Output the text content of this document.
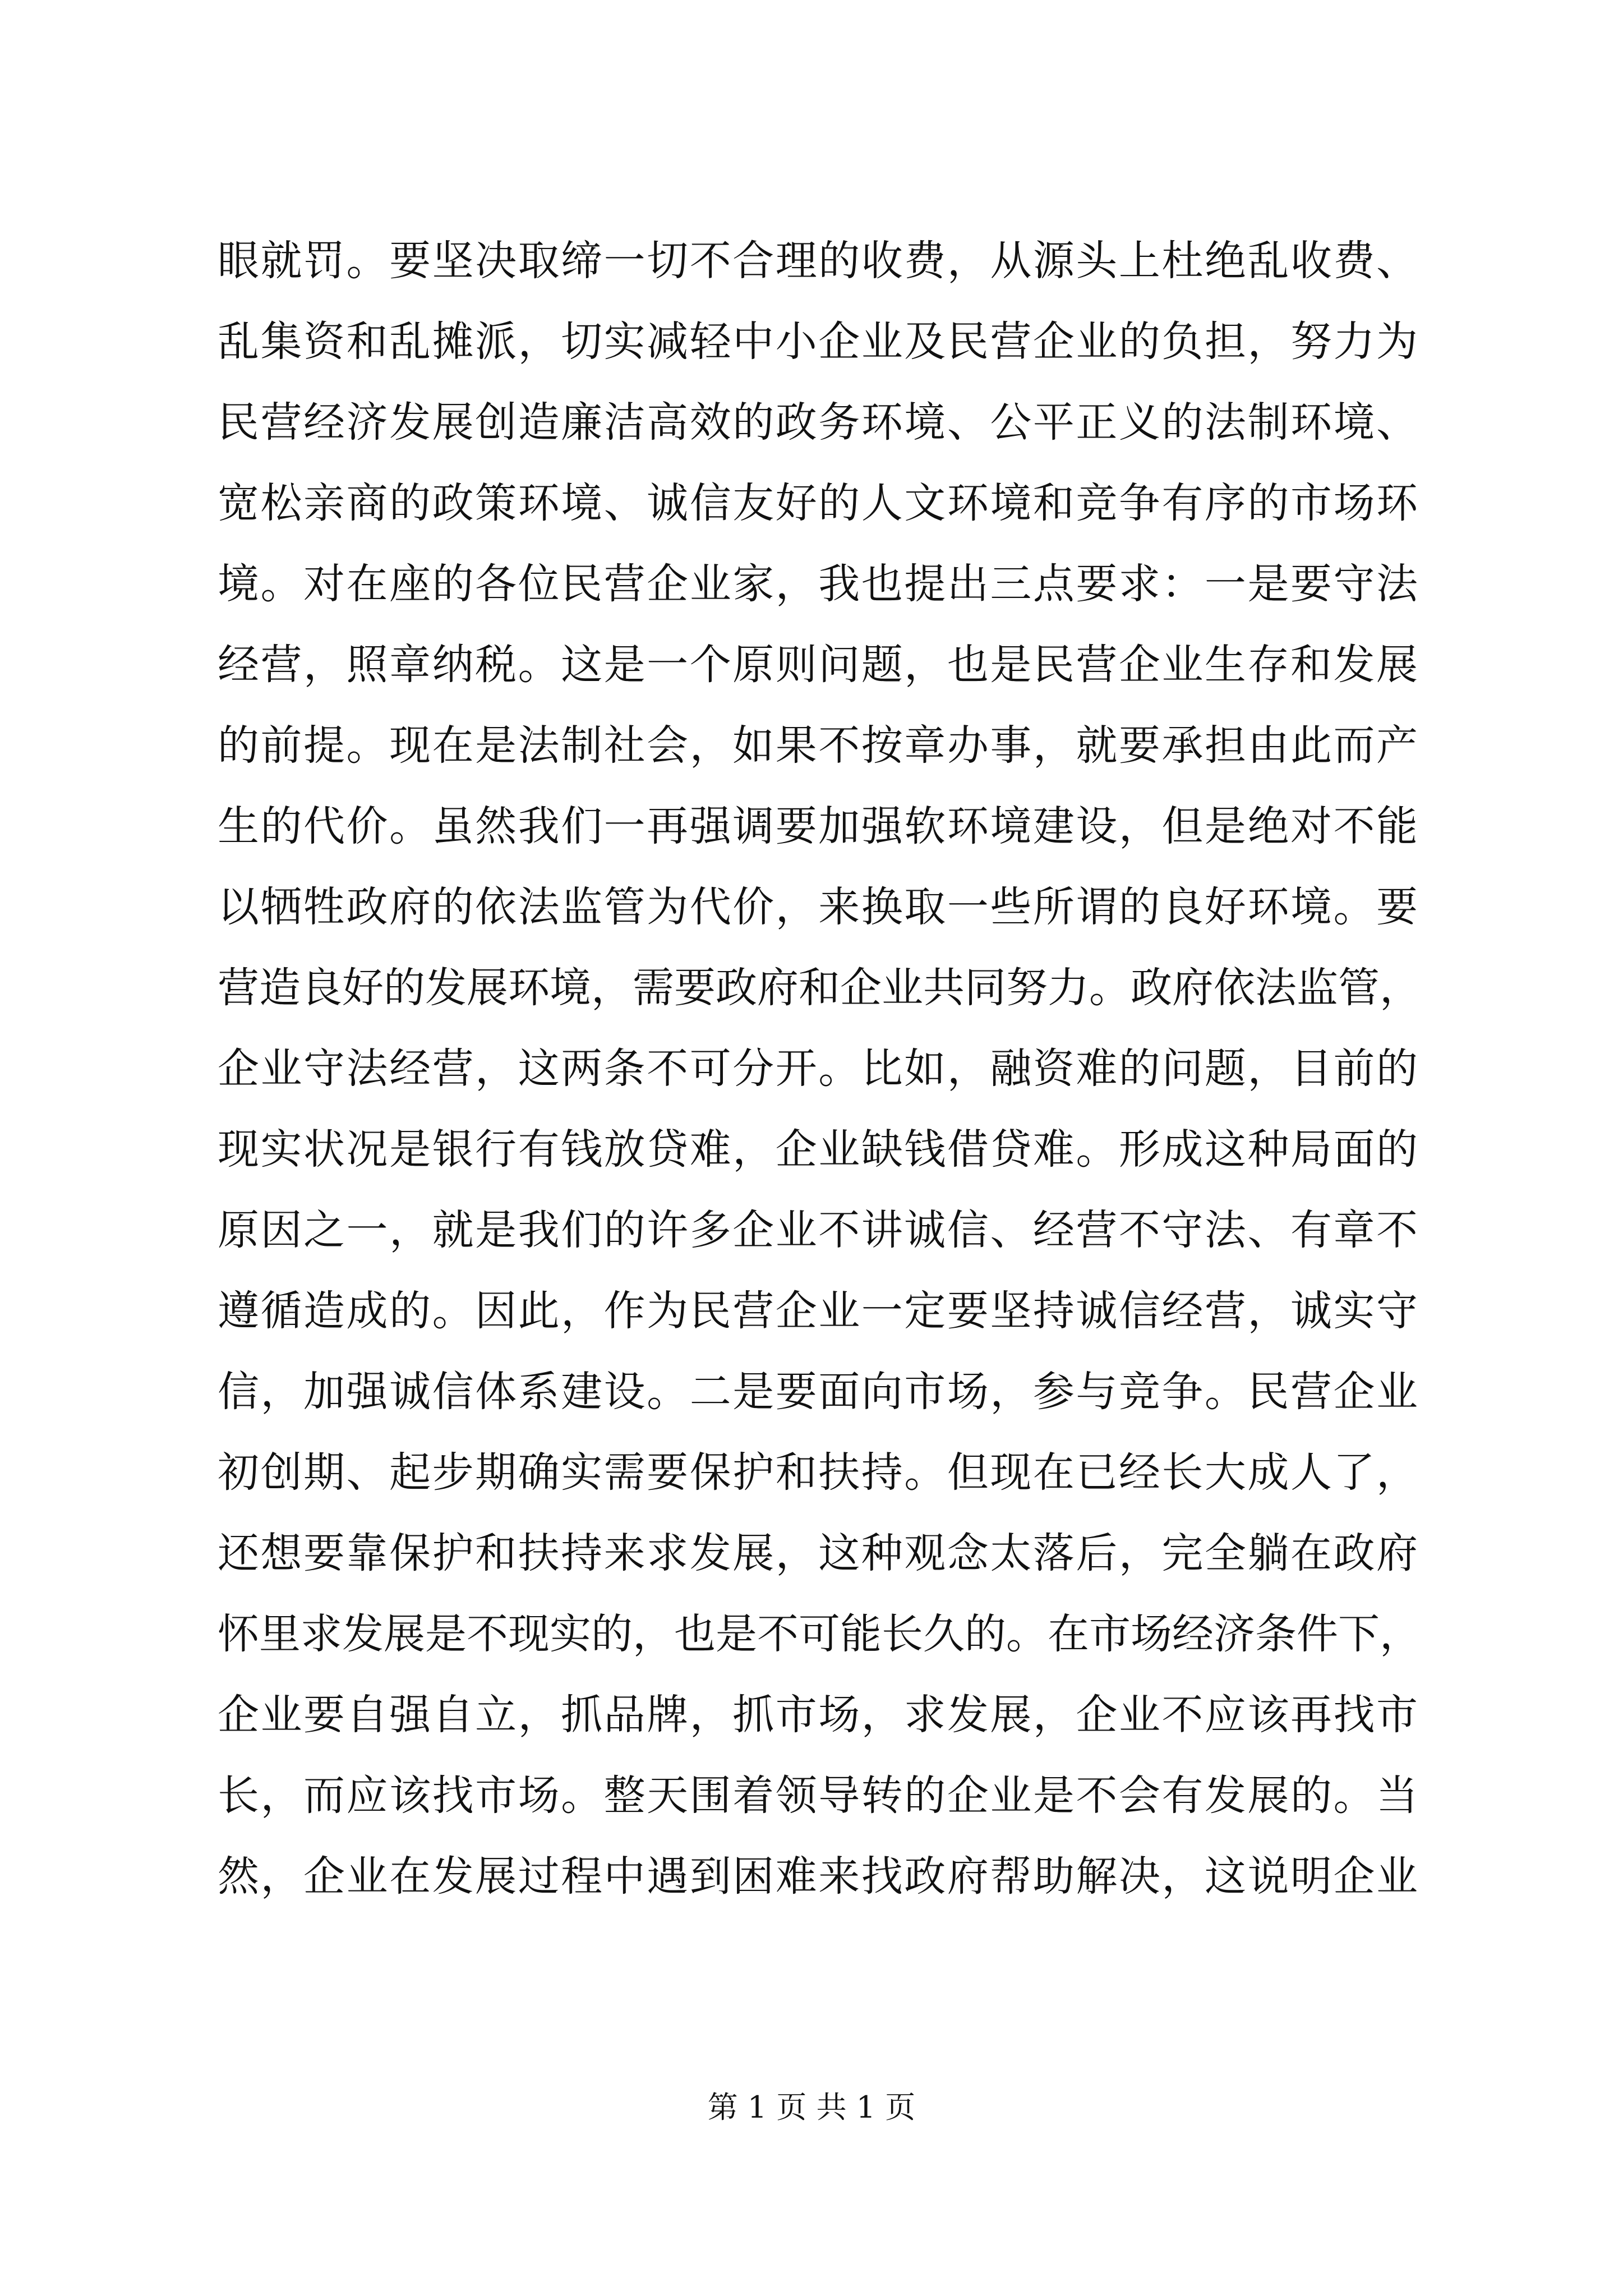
眼就罚。要坚决取缔一切不合理的收费，从源头上杜绝乱收费、
乱集资和乱摊派，切实减轻中小企业及民营企业的负担，努力为
民营经济发展创造廉洁高效的政务环境、公平正义的法制环境、
宽松亲商的政策环境、诚信友好的人文环境和竞争有序的市场环
境。对在座的各位民营企业家，我也提出三点要求：一是要守法
经营，照章纳税。这是一个原则问题，也是民营企业生存和发展
的前提。现在是法制社会，如果不按章办事，就要承担由此而产
生的代价。虽然我们一再强调要加强软环境建设，但是绝对不能
以牺牲政府的依法监管为代价，来换取一些所谓的良好环境。要
营造良好的发展环境，需要政府和企业共同努力。政府依法监管，
企业守法经营，这两条不可分开。比如，融资难的问题，目前的
现实状况是银行有钱放贷难，企业缺钱借贷难。形成这种局面的
原因之一，就是我们的许多企业不讲诚信、经营不守法、有章不
遵循造成的。因此，作为民营企业一定要坚持诚信经营，诚实守
信，加强诚信体系建设。二是要面向市场，参与竞争。民营企业
初创期、起步期确实需要保护和扶持。但现在已经长大成人了，
还想要靠保护和扶持来求发展，这种观念太落后，完全躺在政府
怀里求发展是不现实的，也是不可能长久的。在市场经济条件下，
企业要自强自立，抓品牌，抓市场，求发展，企业不应该再找市
长，而应该找市场。整天围着领导转的企业是不会有发展的。当
然，企业在发展过程中遇到困难来找政府帮助解决，这说明企业
第 1 页 共 1 页
